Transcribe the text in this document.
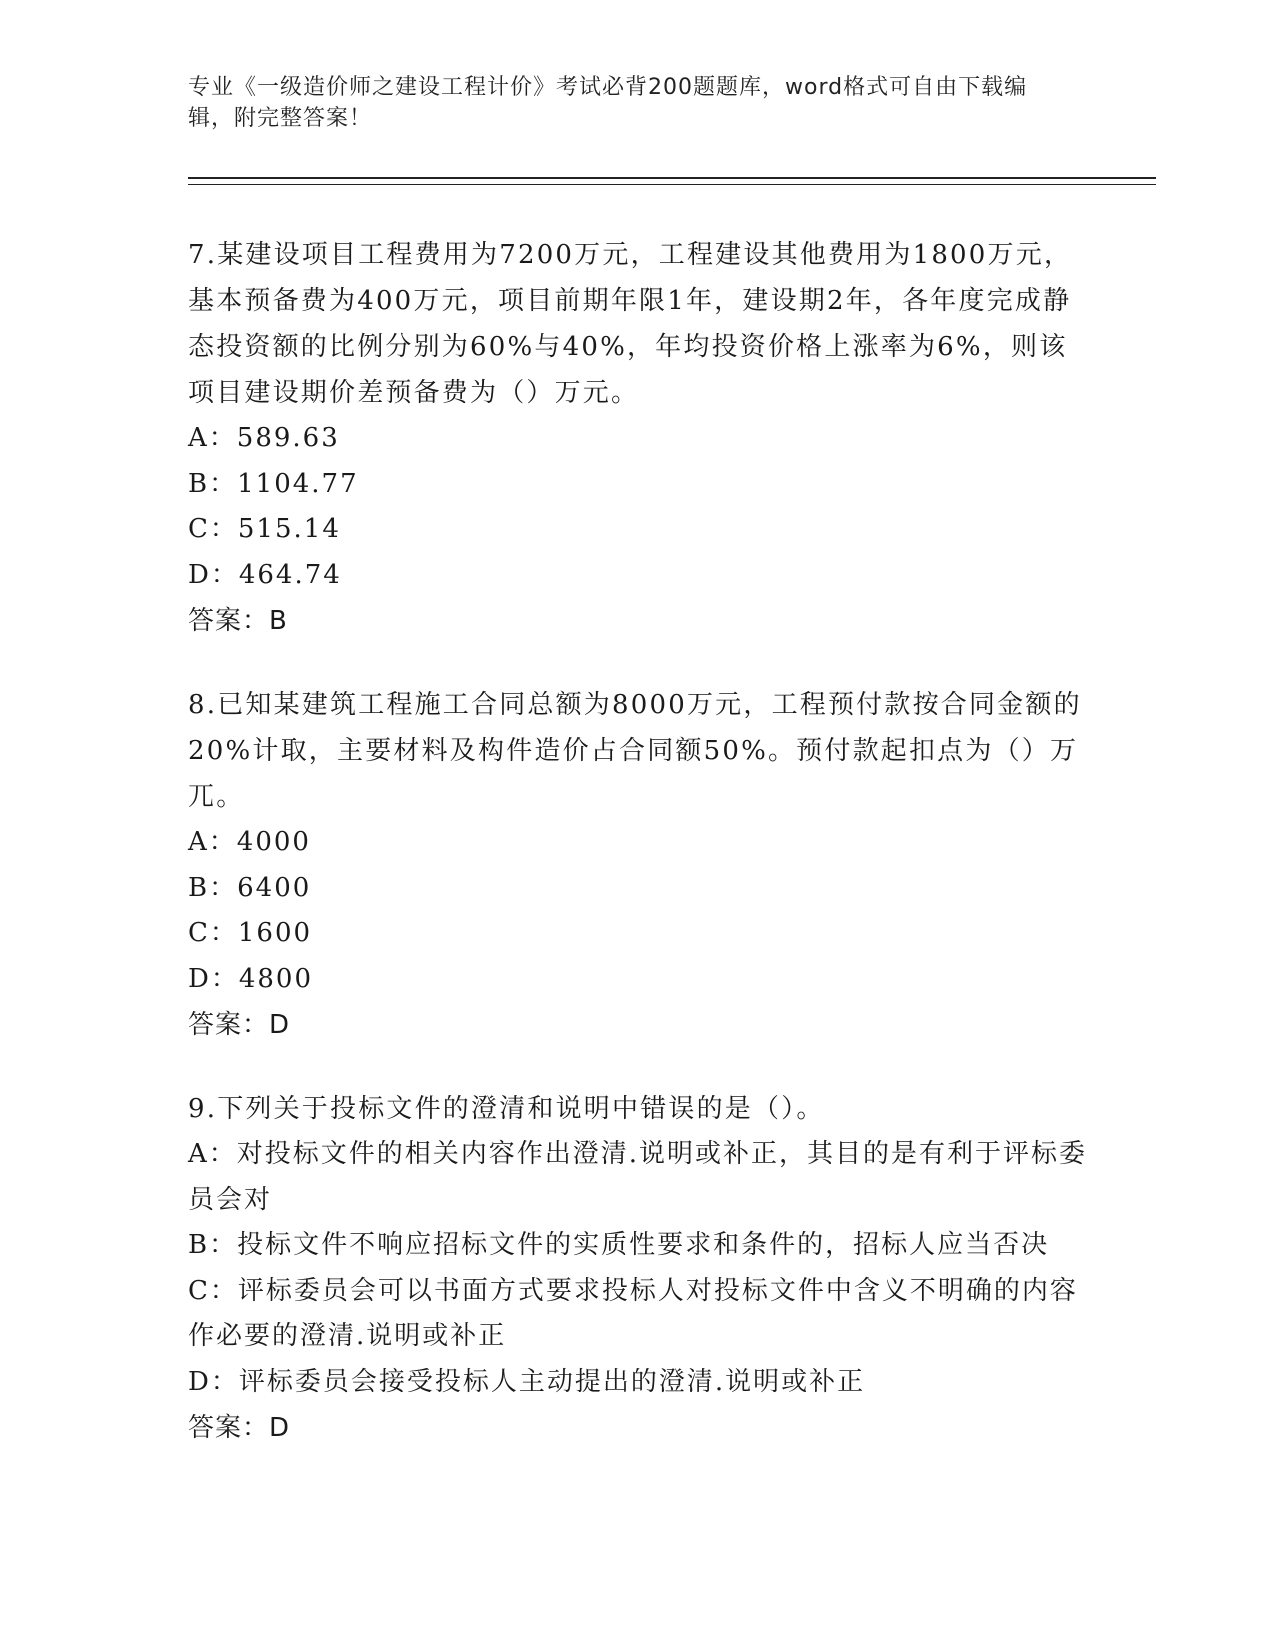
专业《一级造价师之建设工程计价》考试必背200题题库，word格式可自由下载编辑，附完整答案！
7.某建设项目工程费用为7200万元，工程建设其他费用为1800万元，基本预备费为400万元，项目前期年限1年，建设期2年，各年度完成静态投资额的比例分别为60%与40%，年均投资价格上涨率为6%，则该项目建设期价差预备费为（）万元。
A：589.63
B：1104.77
C：515.14
D：464.74
答案：B
8.已知某建筑工程施工合同总额为8000万元，工程预付款按合同金额的20%计取，主要材料及构件造价占合同额50%。预付款起扣点为（）万兀。
A：4000
B：6400
C：1600
D：4800
答案：D
9.下列关于投标文件的澄清和说明中错误的是（）。
A：对投标文件的相关内容作出澄清.说明或补正，其目的是有利于评标委员会对
B：投标文件不响应招标文件的实质性要求和条件的，招标人应当否决
C：评标委员会可以书面方式要求投标人对投标文件中含义不明确的内容作必要的澄清.说明或补正
D：评标委员会接受投标人主动提出的澄清.说明或补正
答案：D
